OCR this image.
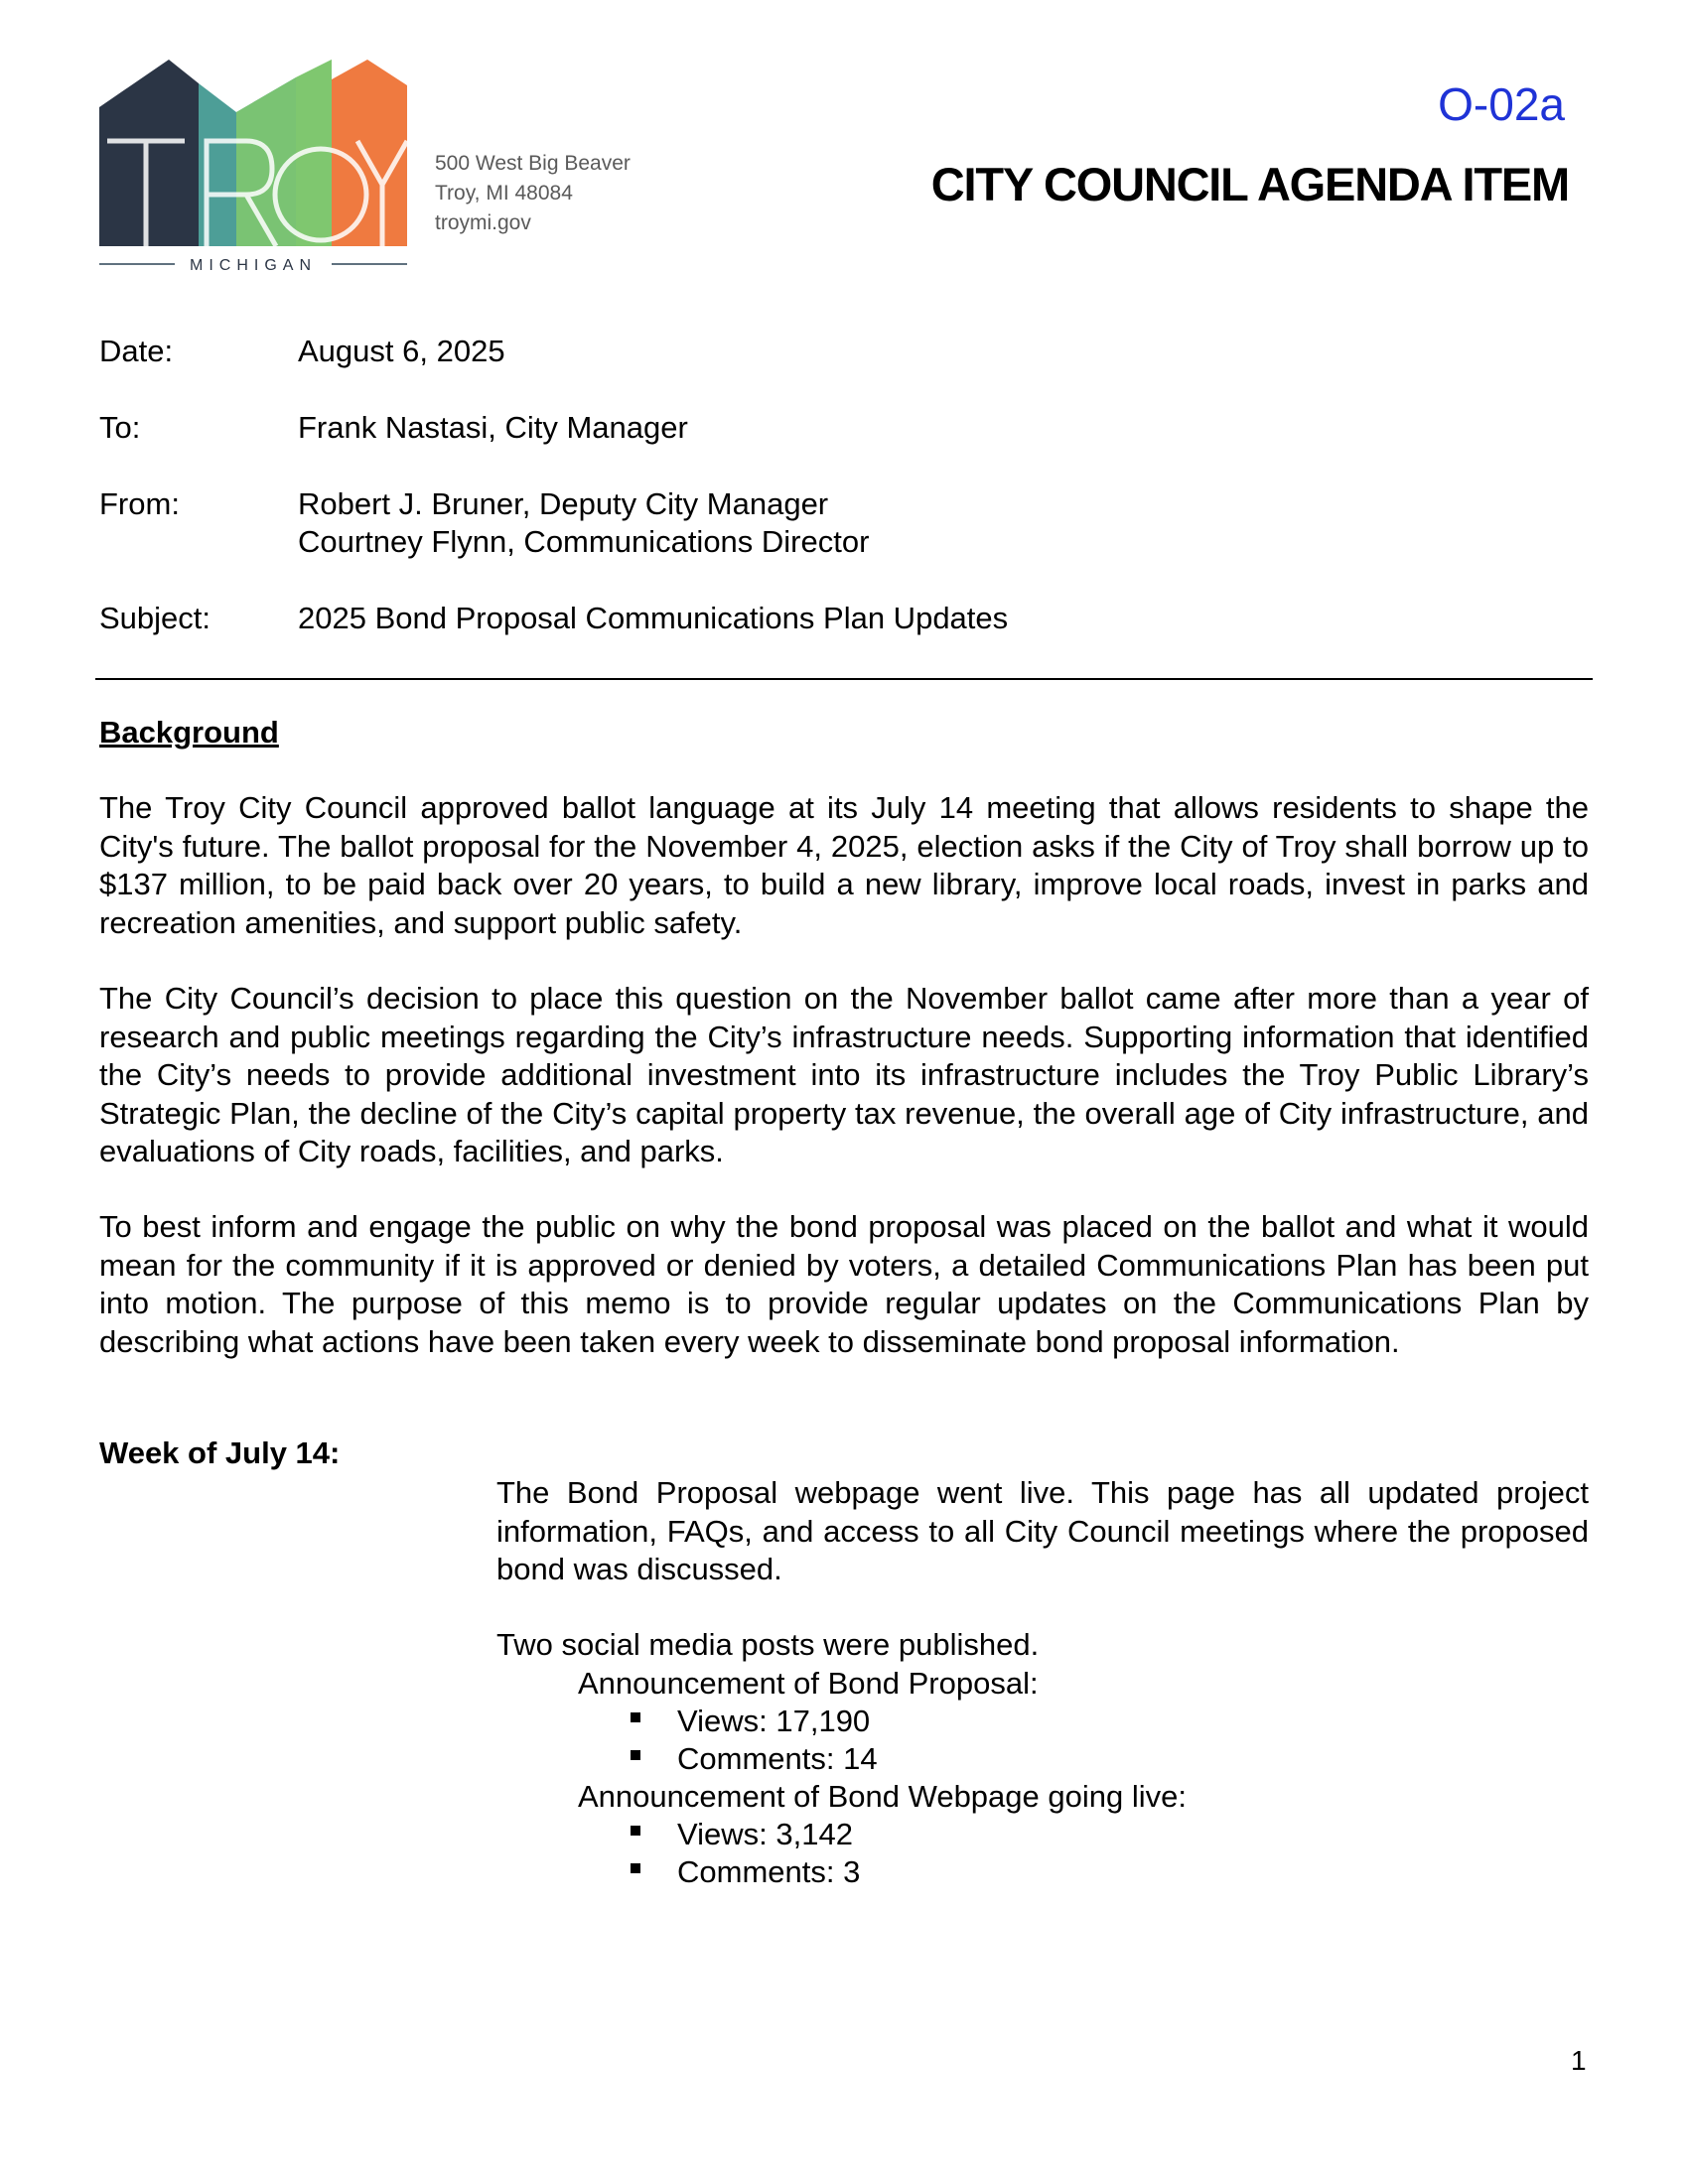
MICHIGAN
500 West Big Beaver
Troy, MI 48084
troymi.gov
O-02a
CITY COUNCIL AGENDA ITEM
Date:	August 6, 2025
To:	Frank Nastasi, City Manager
From:	Robert J. Bruner, Deputy City Manager
Courtney Flynn, Communications Director
Subject:	2025 Bond Proposal Communications Plan Updates
Background
The Troy City Council approved ballot language at its July 14 meeting that allows residents to shape the City's future. The ballot proposal for the November 4, 2025, election asks if the City of Troy shall borrow up to $137 million, to be paid back over 20 years, to build a new library, improve local roads, invest in parks and recreation amenities, and support public safety.
The City Council’s decision to place this question on the November ballot came after more than a year of research and public meetings regarding the City’s infrastructure needs. Supporting information that identified the City’s needs to provide additional investment into its infrastructure includes the Troy Public Library’s Strategic Plan, the decline of the City’s capital property tax revenue, the overall age of City infrastructure, and evaluations of City roads, facilities, and parks.
To best inform and engage the public on why the bond proposal was placed on the ballot and what it would mean for the community if it is approved or denied by voters, a detailed Communications Plan has been put into motion. The purpose of this memo is to provide regular updates on the Communications Plan by describing what actions have been taken every week to disseminate bond proposal information.
Week of July 14:
The Bond Proposal webpage went live. This page has all updated project information, FAQs, and access to all City Council meetings where the proposed bond was discussed.
Two social media posts were published.
Announcement of Bond Proposal:
Views: 17,190
Comments: 14
Announcement of Bond Webpage going live:
Views: 3,142
Comments: 3
1
